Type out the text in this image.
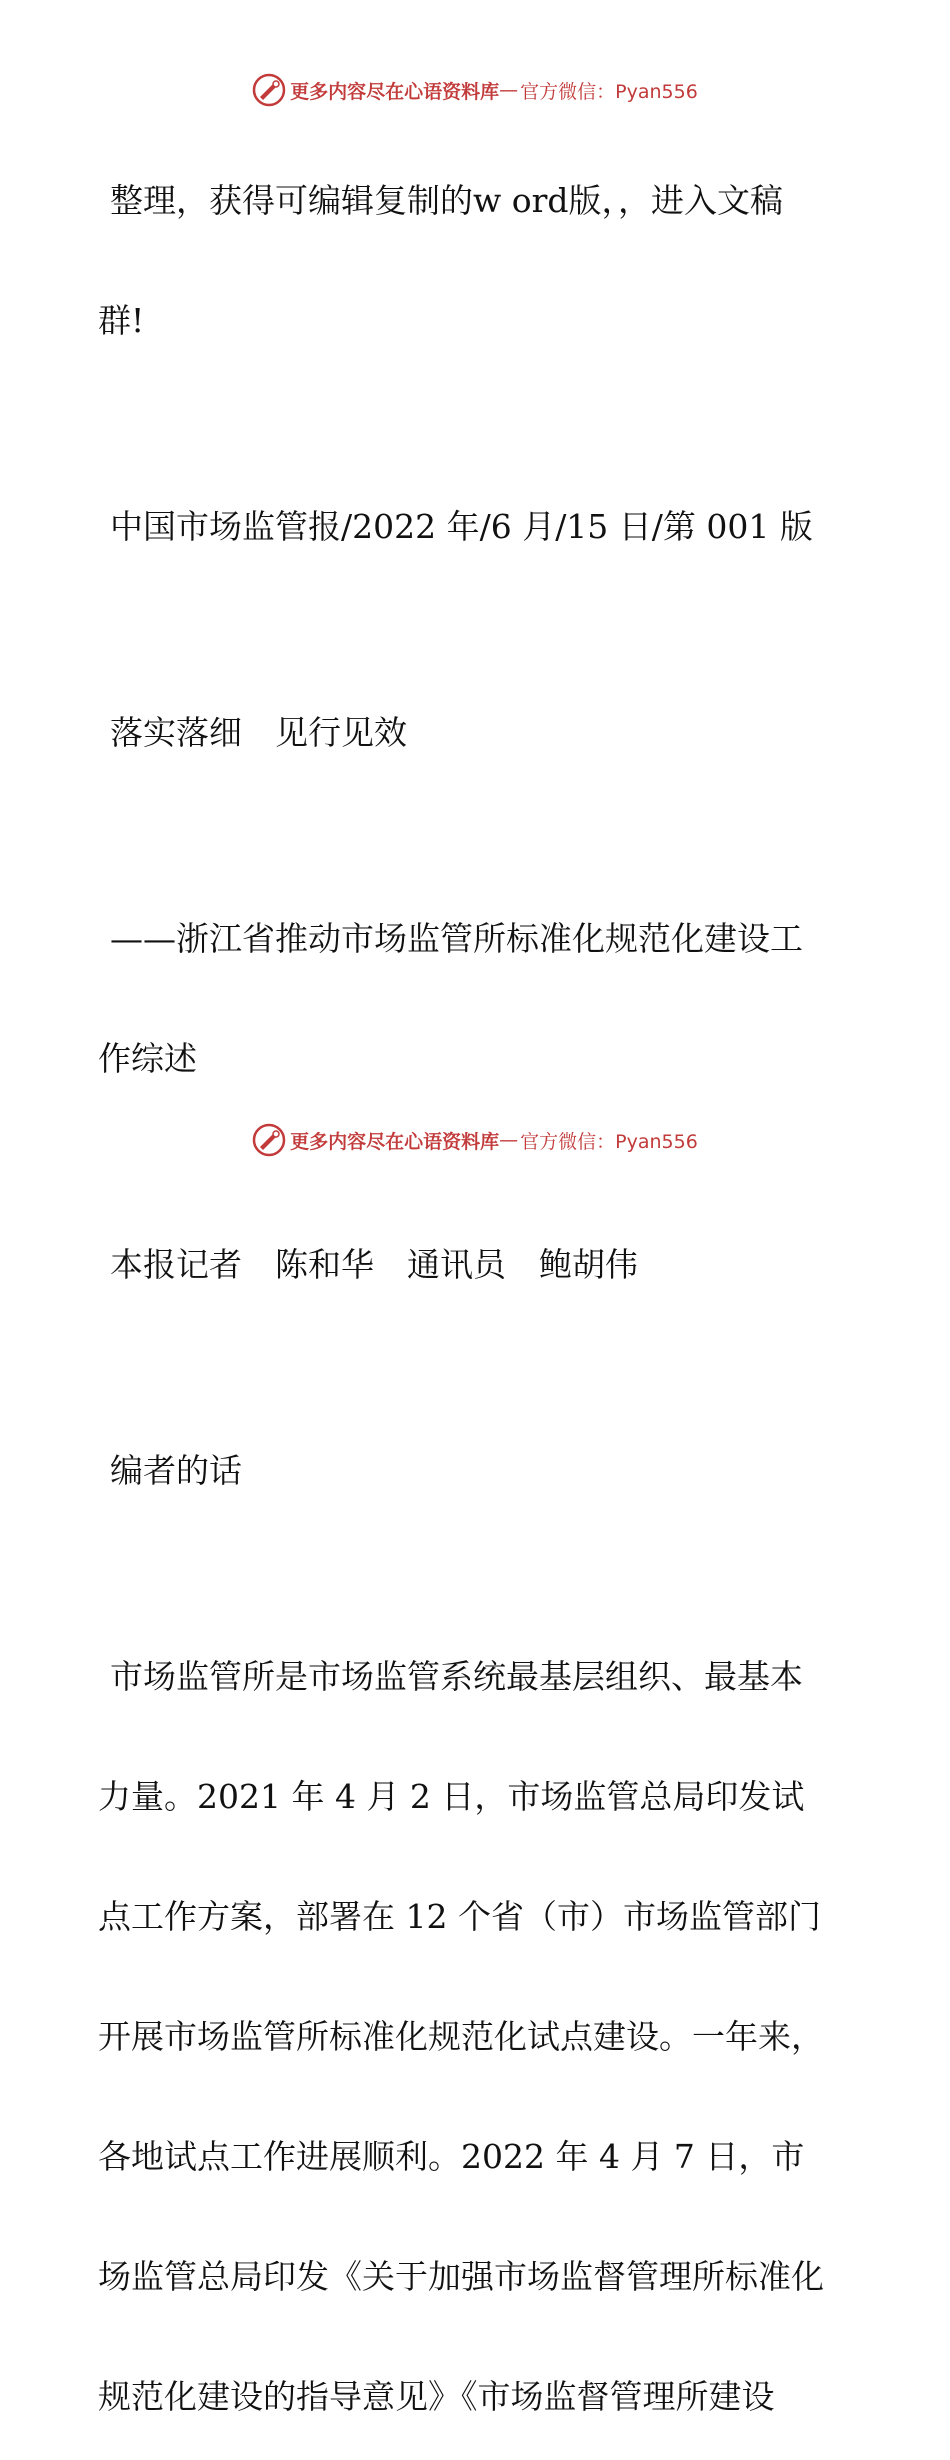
更多内容尽在心语资料库 — 官方微信：Pyan556

整理，获得可编辑复制的w ord版，，进入文稿

群!

中国市场监管报/2022 年/6 月/15 日/第 001 版

落实落细　见行见效

——浙江省推动市场监管所标准化规范化建设工

作综述

本报记者　陈和华　通讯员　鲍胡伟

编者的话

市场监管所是市场监管系统最基层组织、最基本

力量。2021 年 4 月 2 日，市场监管总局印发试

点工作方案，部署在 12 个省（市）市场监管部门

开展市场监管所标准化规范化试点建设。一年来，

各地试点工作进展顺利。2022 年 4 月 7 日，市

场监管总局印发《关于加强市场监督管理所标准化

规范化建设的指导意见》《市场监督管理所建设

更多内容尽在心语资料库 — 官方微信：Pyan556
